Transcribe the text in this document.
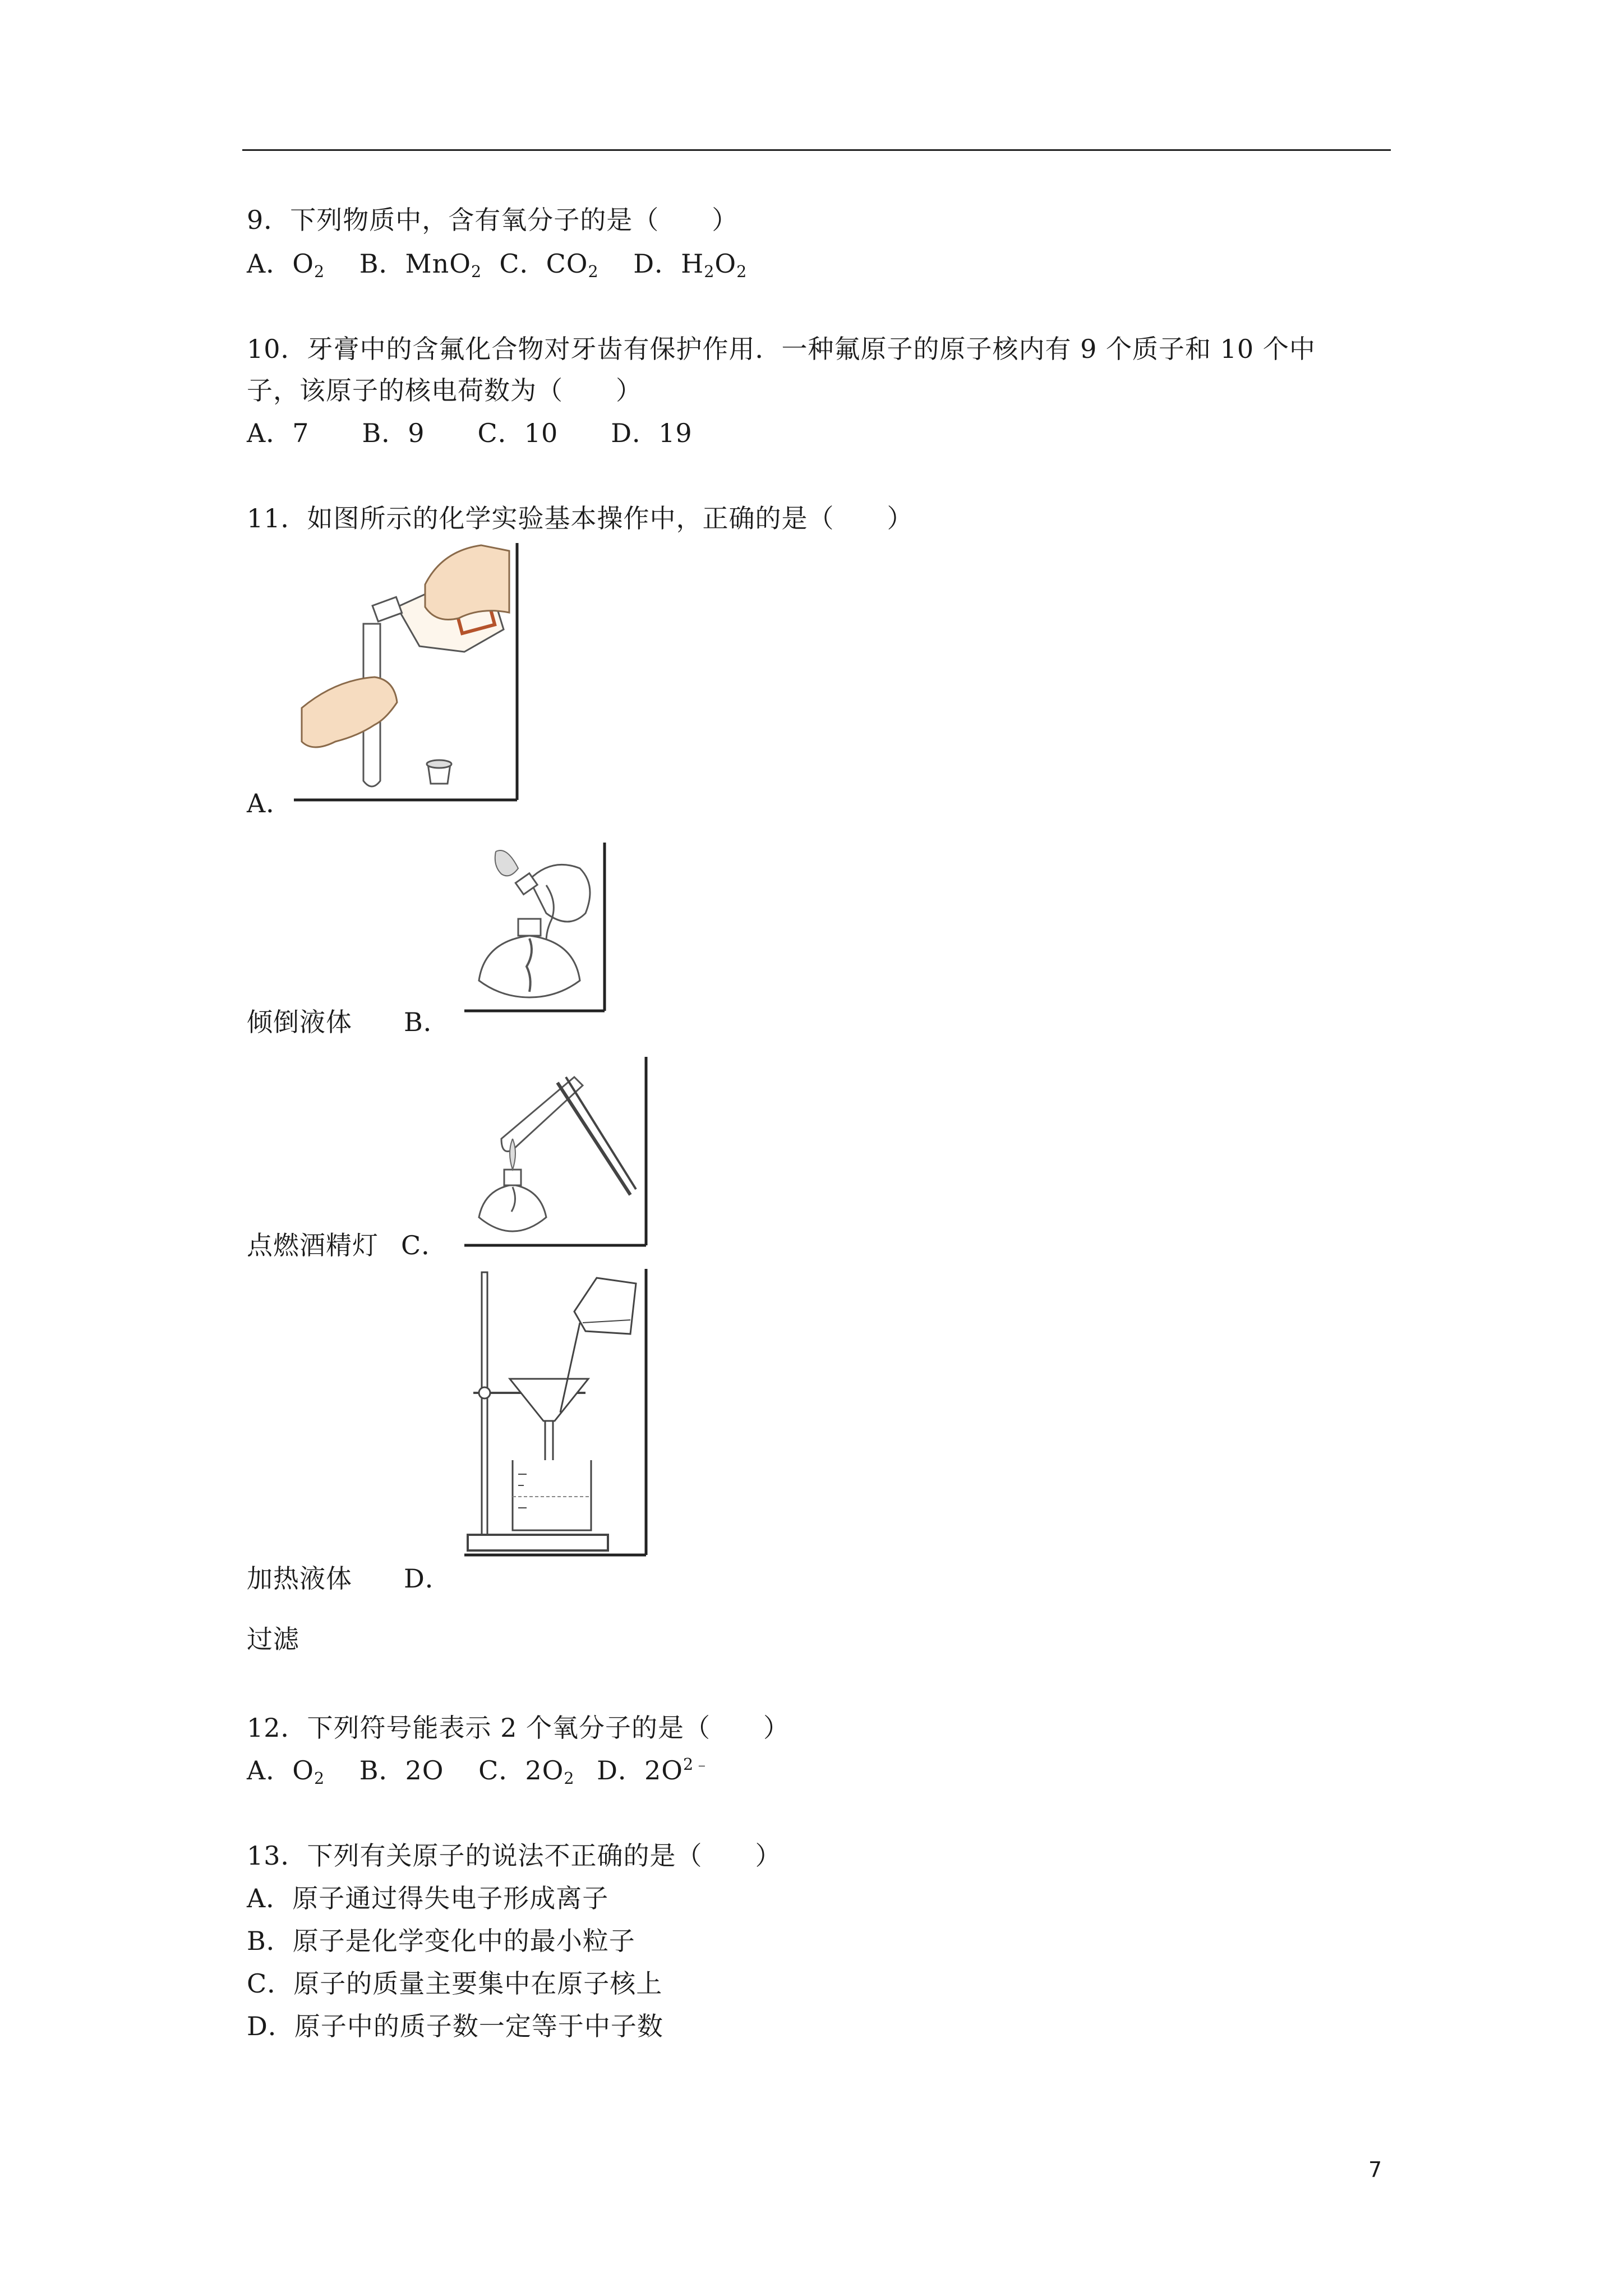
9．下列物质中，含有氧分子的是（　　）
A．$O_2$ B．MnO$_2$ C．$CO_2$ D．$H_2O_2$
10．牙膏中的含氟化合物对牙齿有保护作用．一种氟原子的原子核内有 9 个质子和 10 个中
子，该原子的核电荷数为（　　）
A．7　　B．9　　C．10　　D．19
11．如图所示的化学实验基本操作中，正确的是（　　）
A．
倾倒液体 B．
点燃酒精灯 C．
加热液体 D．
过滤
12．下列符号能表示 2 个氧分子的是（　　）
A．$O_2$ B．2O C．$2O_2$ D．$2O^{2﹣}$
13．下列有关原子的说法不正确的是（　　）
A．原子通过得失电子形成离子
B．原子是化学变化中的最小粒子
C．原子的质量主要集中在原子核上
D．原子中的质子数一定等于中子数
7
